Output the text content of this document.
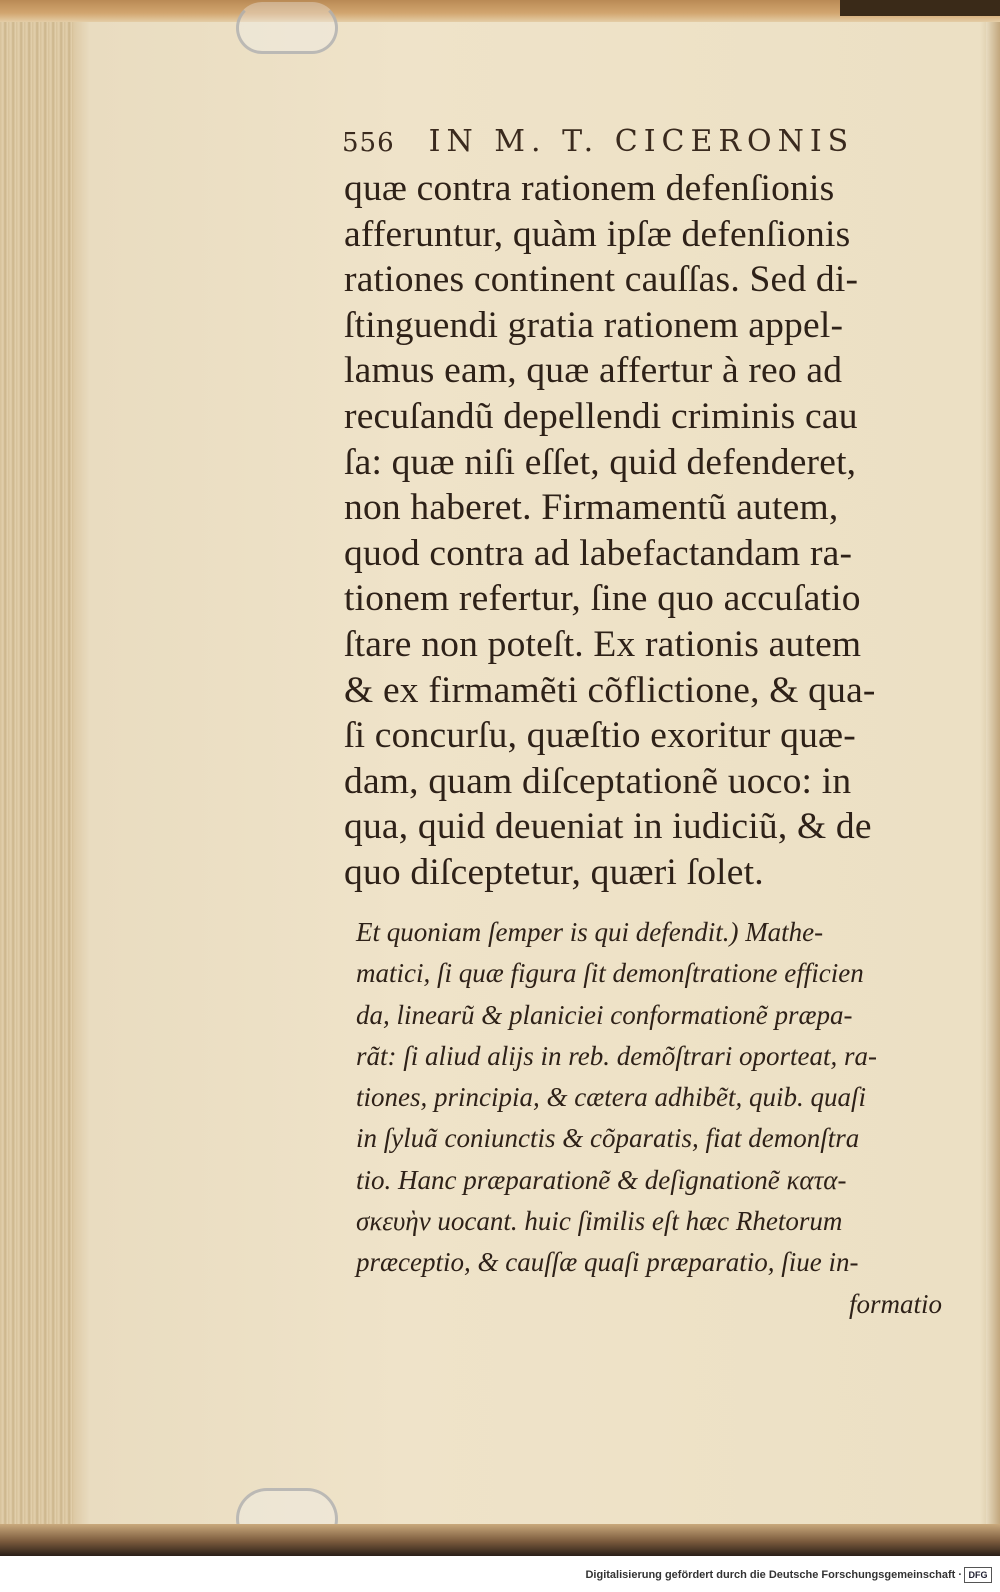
556 IN M. T. CICERONIS
quæ contra rationem defenſionis
afferuntur, quàm ipſæ defenſionis
rationes continent cauſſas. Sed di-
ſtinguendi gratia rationem appel-
lamus eam, quæ affertur à reo ad
recuſandũ depellendi criminis cau
ſa: quæ niſi eſſet, quid defenderet,
non haberet. Firmamentũ autem,
quod contra ad labefactandam ra-
tionem refertur, ſine quo accuſatio
ſtare non poteſt. Ex rationis autem
& ex firmamẽti cõflictione, & qua-
ſi concurſu, quæſtio exoritur quæ-
dam, quam diſceptationẽ uoco: in
qua, quid deueniat in iudiciũ, & de
quo diſceptetur, quæri ſolet.
Et quoniam ſemper is qui defendit.) Mathe-
matici, ſi quæ figura ſit demonſtratione efficien
da, linearũ & planiciei conformationẽ præpa-
rãt: ſi aliud alijs in reb. demõſtrari oporteat, ra-
tiones, principia, & cætera adhibẽt, quib. quaſi
in ſyluã coniunctis & cõparatis, fiat demonſtra
tio. Hanc præparationẽ & deſignationẽ κατα-
σκευὴν uocant. huic ſimilis eſt hæc Rhetorum
præceptio, & cauſſæ quaſi præparatio, ſiue in-
formatio
Digitalisierung gefördert durch die Deutsche Forschungsgemeinschaft · DFG
